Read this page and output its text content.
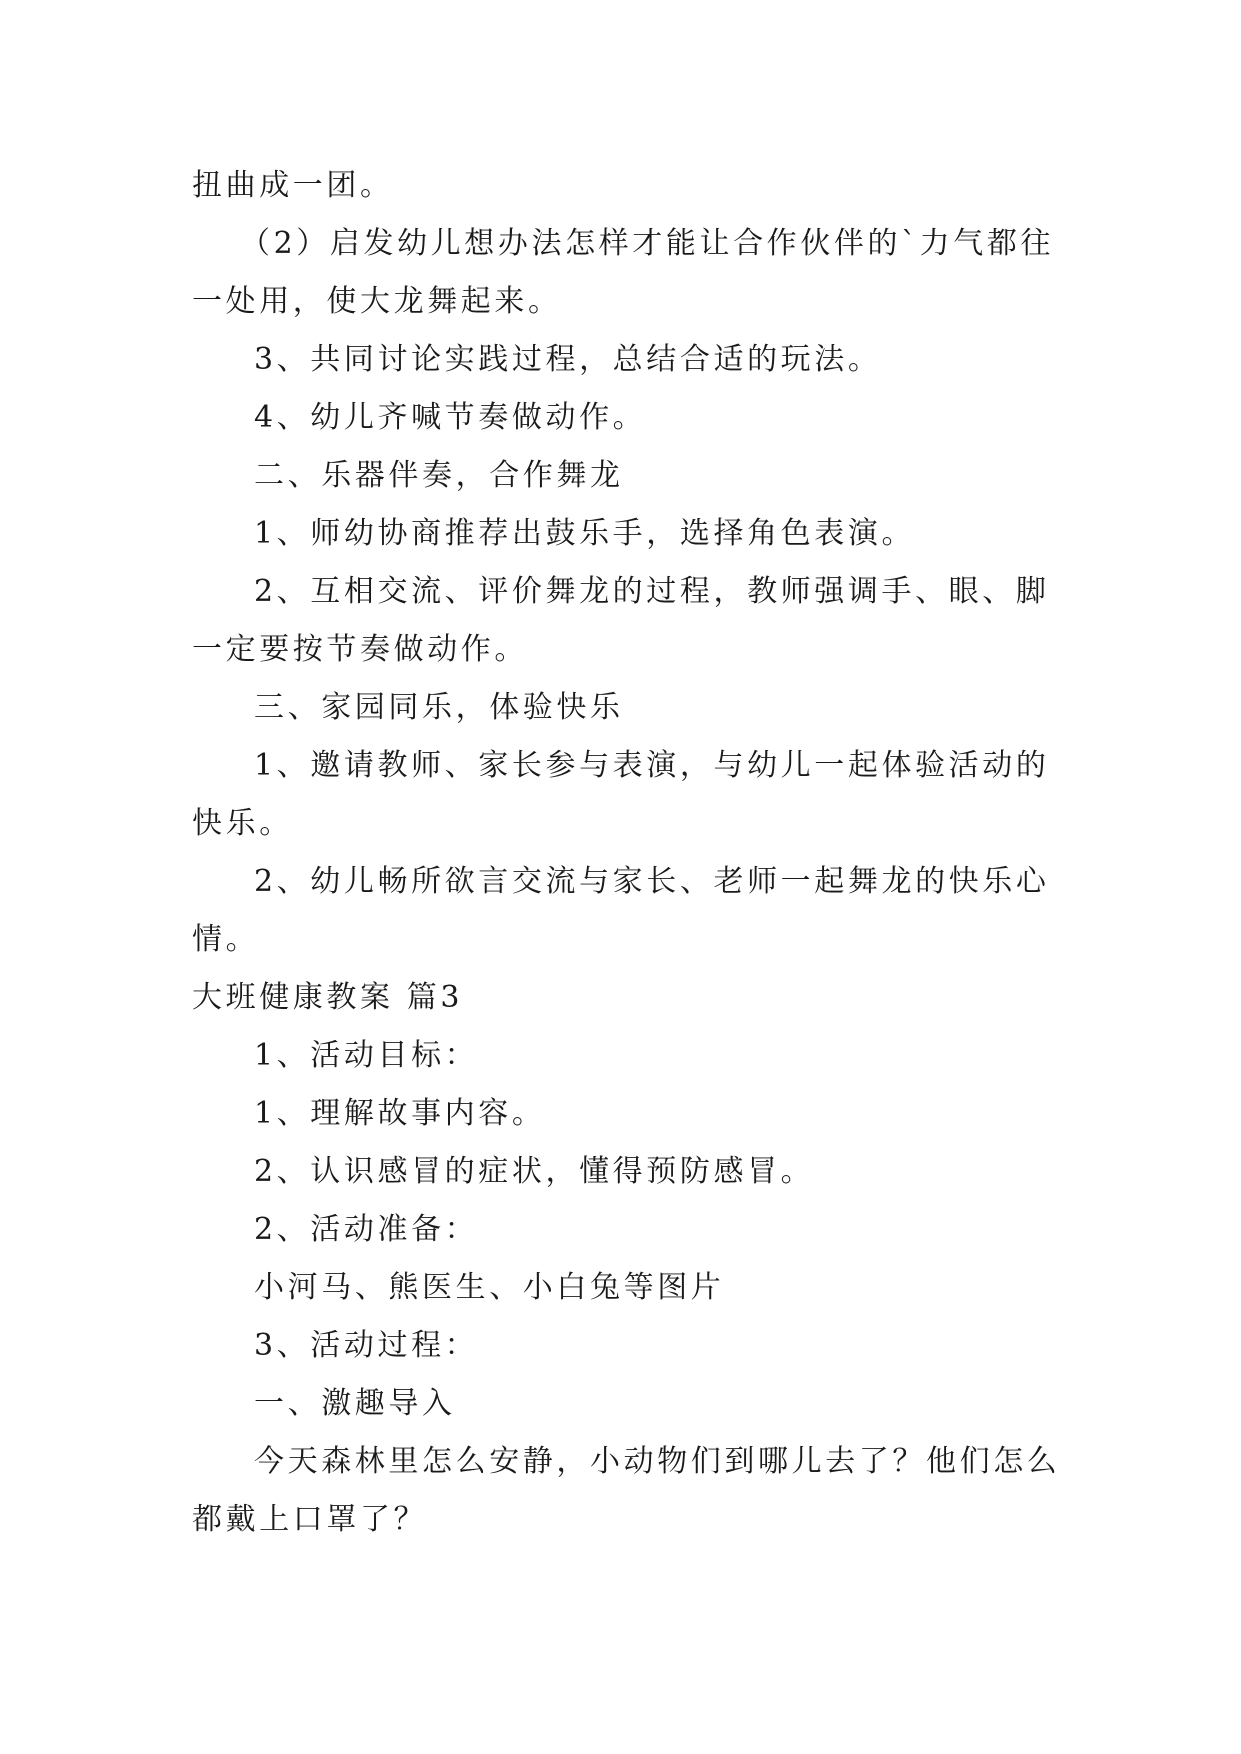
扭曲成一团。
（2）启发幼儿想办法怎样才能让合作伙伴的`力气都往
一处用，使大龙舞起来。
3、共同讨论实践过程，总结合适的玩法。
4、幼儿齐喊节奏做动作。
二、乐器伴奏，合作舞龙
1、师幼协商推荐出鼓乐手，选择角色表演。
2、互相交流、评价舞龙的过程，教师强调手、眼、脚
一定要按节奏做动作。
三、家园同乐，体验快乐
1、邀请教师、家长参与表演，与幼儿一起体验活动的
快乐。
2、幼儿畅所欲言交流与家长、老师一起舞龙的快乐心
情。
大班健康教案 篇3
1、活动目标：
1、理解故事内容。
2、认识感冒的症状，懂得预防感冒。
2、活动准备：
小河马、熊医生、小白兔等图片
3、活动过程：
一、激趣导入
今天森林里怎么安静，小动物们到哪儿去了？他们怎么
都戴上口罩了？
